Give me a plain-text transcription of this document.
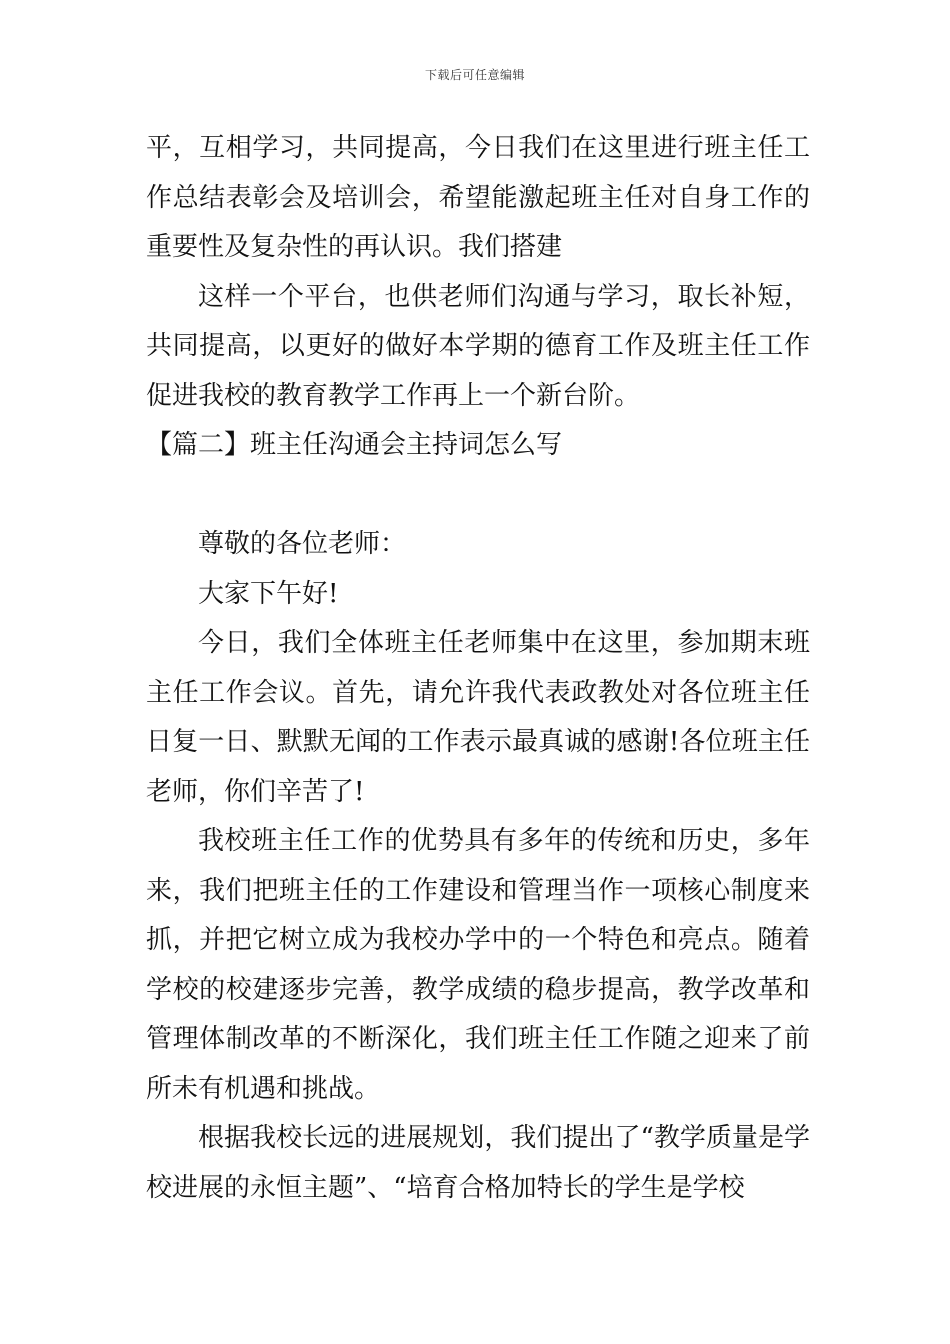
下载后可任意编辑

平，互相学习，共同提高，今日我们在这里进行班主任工作总结表彰会及培训会，希望能激起班主任对自身工作的重要性及复杂性的再认识。我们搭建

这样一个平台，也供老师们沟通与学习，取长补短，共同提高，以更好的做好本学期的德育工作及班主任工作促进我校的教育教学工作再上一个新台阶。

【篇二】班主任沟通会主持词怎么写

尊敬的各位老师：

大家下午好!

今日，我们全体班主任老师集中在这里，参加期末班主任工作会议。首先，请允许我代表政教处对各位班主任日复一日、默默无闻的工作表示最真诚的感谢!各位班主任老师，你们辛苦了!

我校班主任工作的优势具有多年的传统和历史，多年来，我们把班主任的工作建设和管理当作一项核心制度来抓，并把它树立成为我校办学中的一个特色和亮点。随着学校的校建逐步完善，教学成绩的稳步提高，教学改革和管理体制改革的不断深化，我们班主任工作随之迎来了前所未有机遇和挑战。

根据我校长远的进展规划，我们提出了“教学质量是学校进展的永恒主题”、“培育合格加特长的学生是学校
